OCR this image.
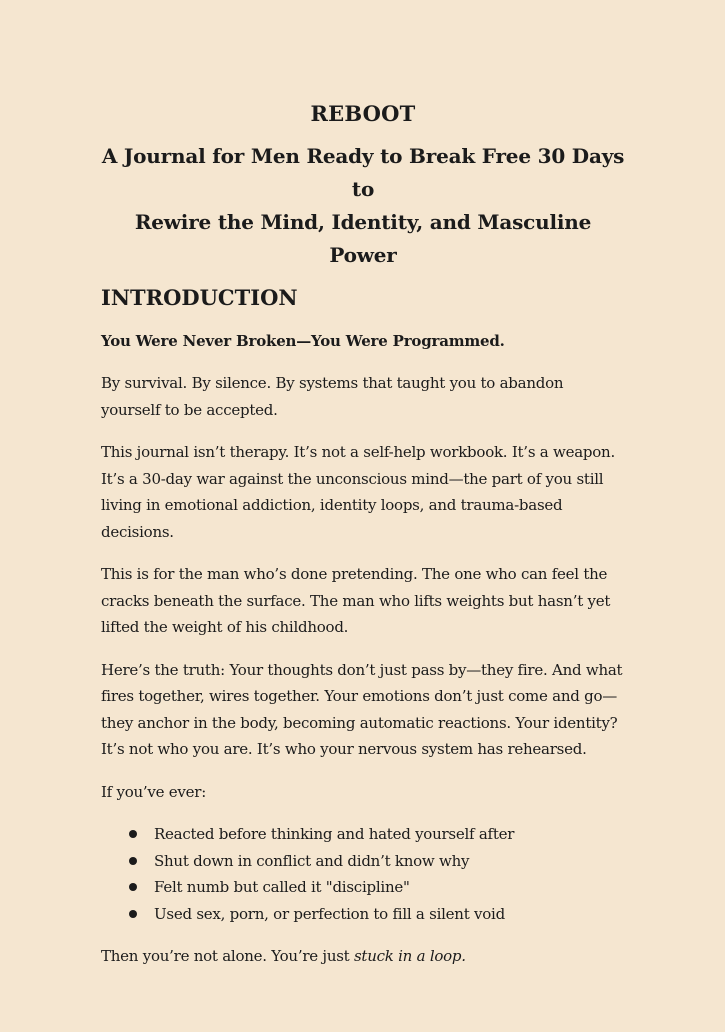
REBOOT
A Journal for Men Ready to Break Free 30 Days to
Rewire the Mind, Identity, and Masculine Power
INTRODUCTION

You Were Never Broken—You Were Programmed.

By survival. By silence. By systems that taught you to abandon yourself to be accepted.

This journal isn’t therapy. It’s not a self-help workbook. It’s a weapon. It’s a 30-day war against the unconscious mind—the part of you still living in emotional addiction, identity loops, and trauma-based decisions.

This is for the man who’s done pretending. The one who can feel the cracks beneath the surface. The man who lifts weights but hasn’t yet lifted the weight of his childhood.

Here’s the truth: Your thoughts don’t just pass by—they fire. And what fires together, wires together. Your emotions don’t just come and go—they anchor in the body, becoming automatic reactions. Your identity? It’s not who you are. It’s who your nervous system has rehearsed.

If you’ve ever:

Reacted before thinking and hated yourself after
Shut down in conflict and didn’t know why
Felt numb but called it "discipline"
Used sex, porn, or perfection to fill a silent void

Then you’re not alone. You’re just stuck in a loop.
